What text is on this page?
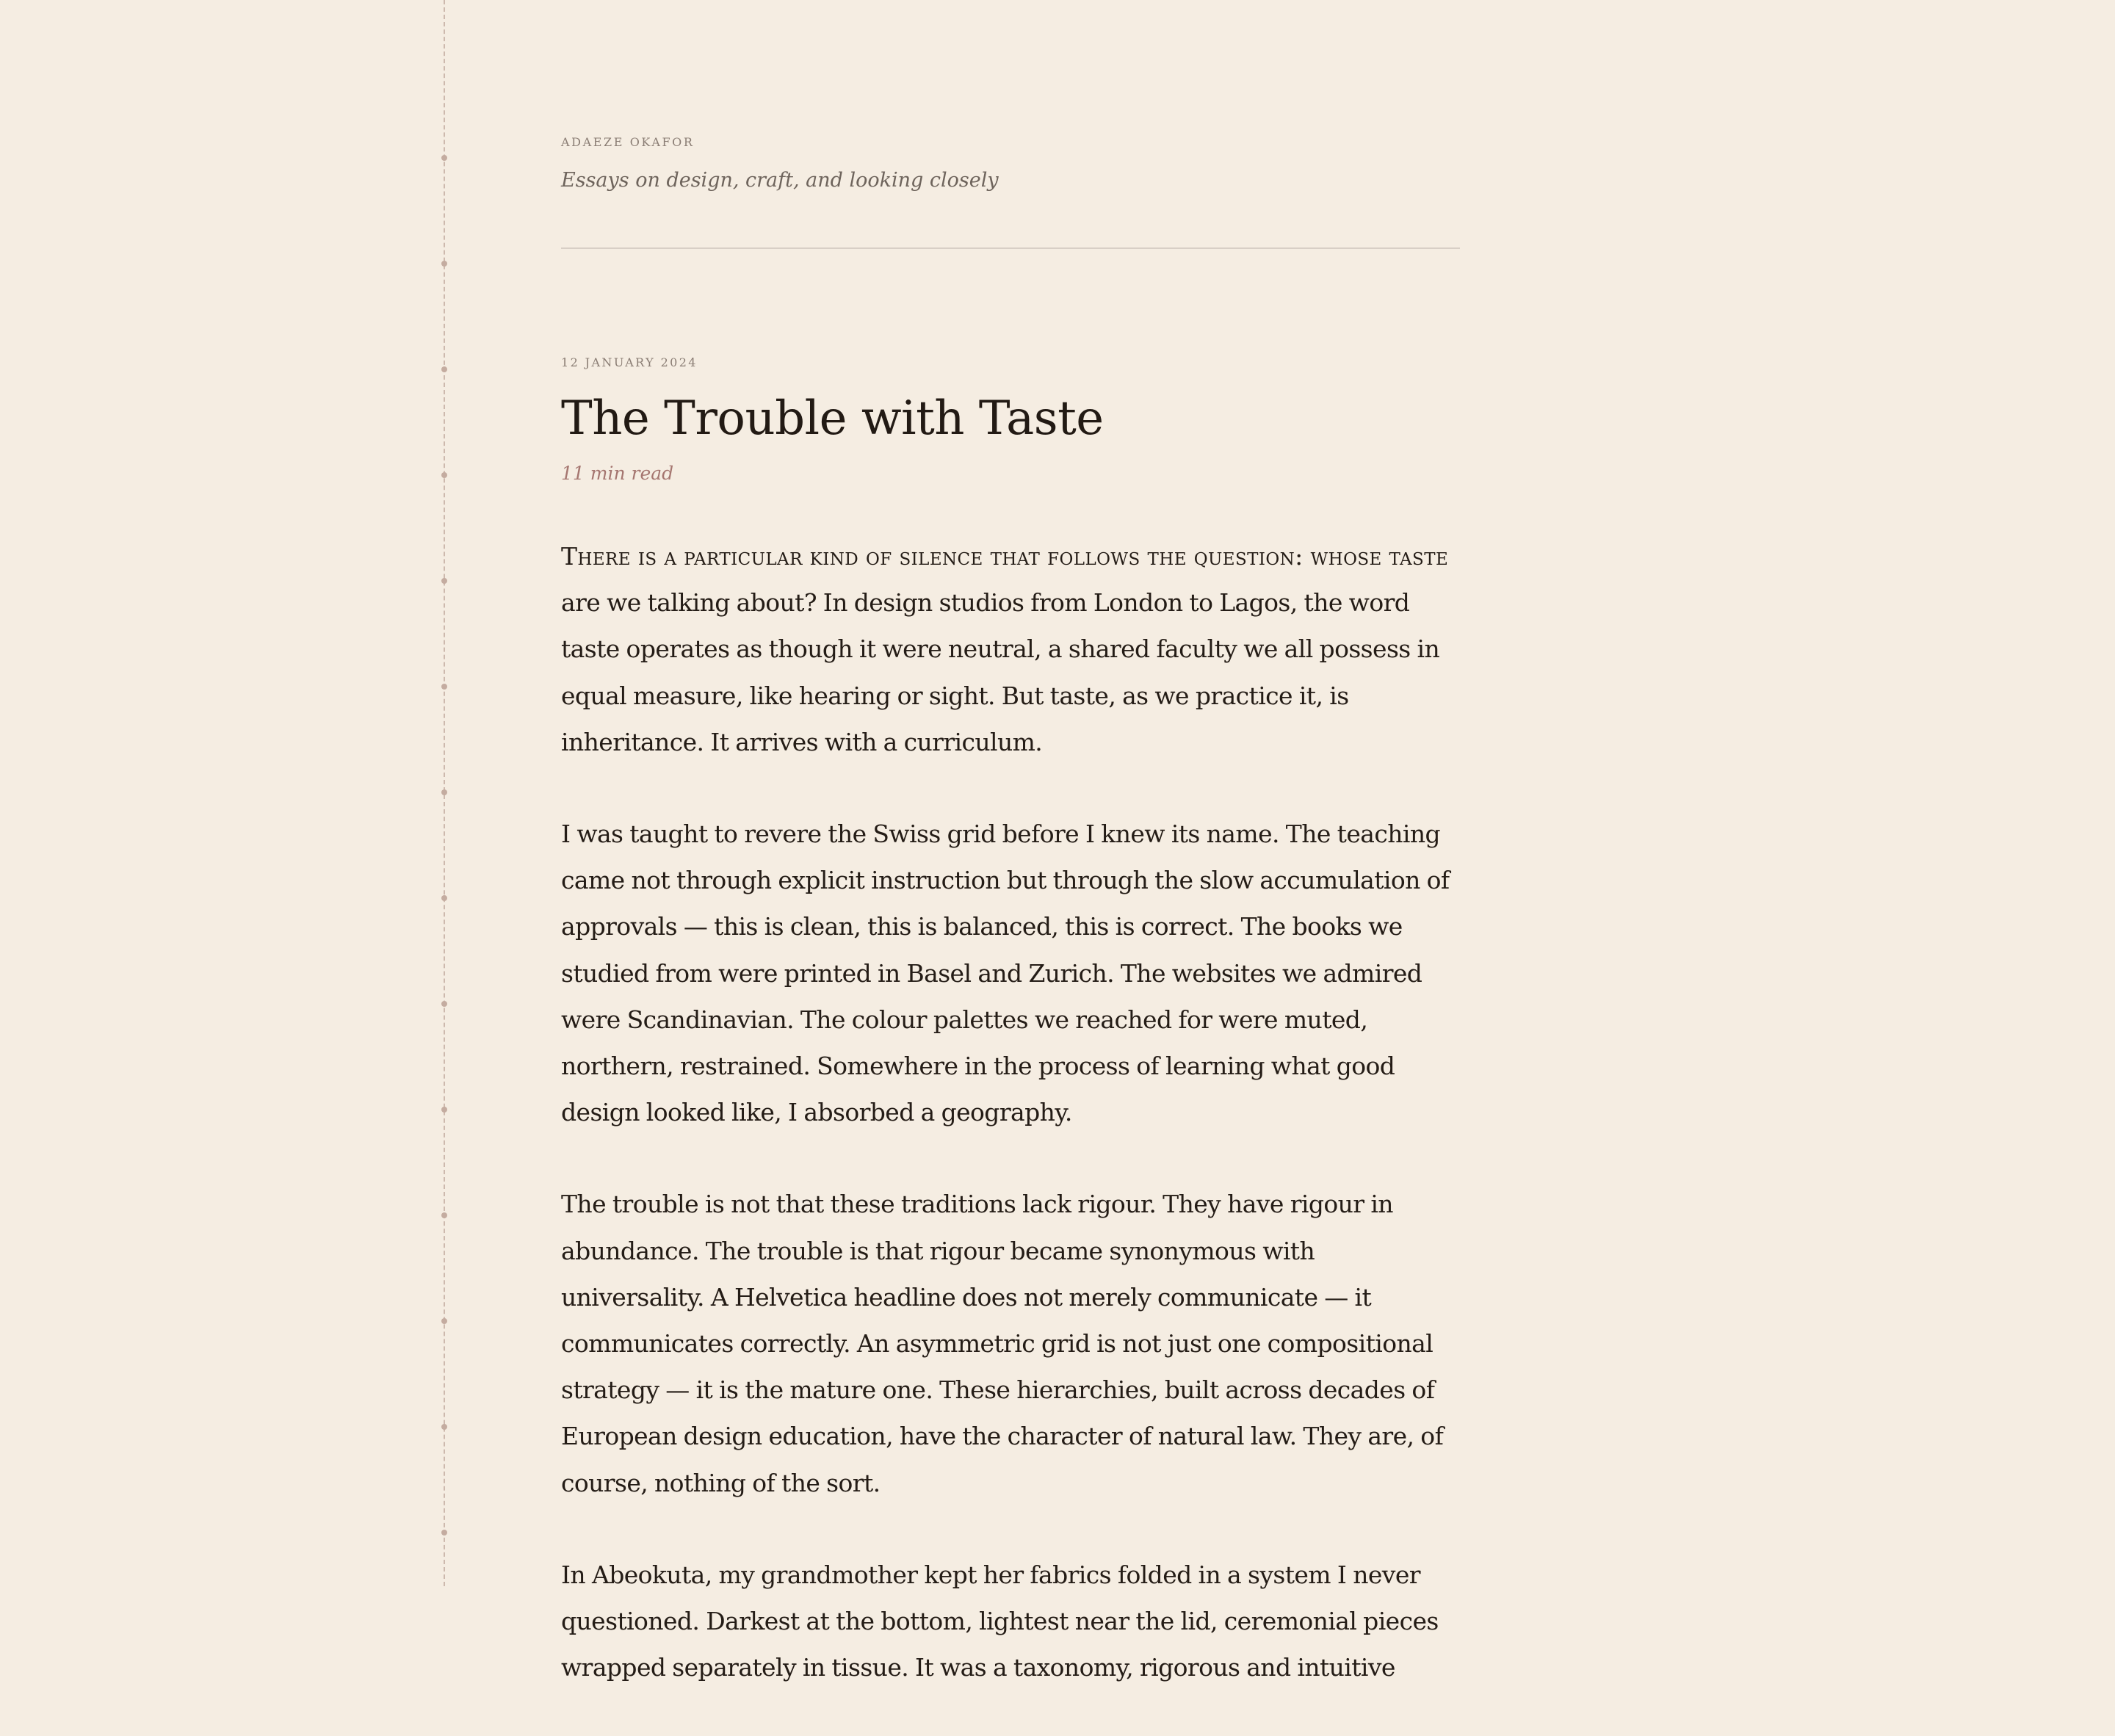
ADAEZE OKAFOR
Essays on design, craft, and looking closely
12 JANUARY 2024
The Trouble with Taste
11 min read

There is a particular kind of silence that follows the question: whose taste are we talking about? In design studios from London to Lagos, the word taste operates as though it were neutral, a shared faculty we all possess in equal measure, like hearing or sight. But taste, as we practice it, is inheritance. It arrives with a curriculum.

I was taught to revere the Swiss grid before I knew its name. The teaching came not through explicit instruction but through the slow accumulation of approvals — this is clean, this is balanced, this is correct. The books we studied from were printed in Basel and Zurich. The websites we admired were Scandinavian. The colour palettes we reached for were muted, northern, restrained. Somewhere in the process of learning what good design looked like, I absorbed a geography.

The trouble is not that these traditions lack rigour. They have rigour in abundance. The trouble is that rigour became synonymous with universality. A Helvetica headline does not merely communicate — it communicates correctly. An asymmetric grid is not just one compositional strategy — it is the mature one. These hierarchies, built across decades of European design education, have the character of natural law. They are, of course, nothing of the sort.

In Abeokuta, my grandmother kept her fabrics folded in a system I never questioned. Darkest at the bottom, lightest near the lid, ceremonial pieces wrapped separately in tissue. It was a taxonomy, rigorous and intuitive
